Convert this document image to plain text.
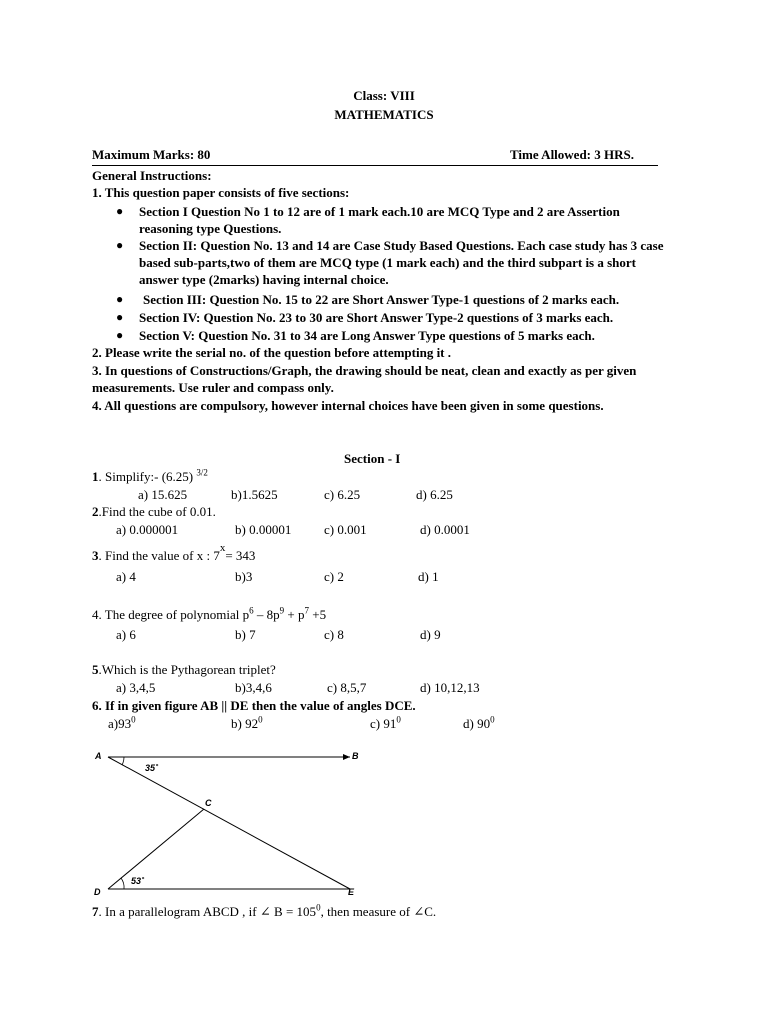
Class: VIII
MATHEMATICS
Maximum Marks: 80	Time Allowed: 3 HRS.
General Instructions:
1. This question paper consists of five sections:
● Section I Question No 1 to 12 are of 1 mark each.10 are MCQ Type and 2 are Assertion reasoning type Questions.
● Section II: Question No. 13 and 14 are Case Study Based Questions. Each case study has 3 case based sub-parts,two of them are MCQ type (1 mark each) and the third subpart is a short answer type (2marks) having internal choice.
● Section III: Question No. 15 to 22 are Short Answer Type-1 questions of 2 marks each.
● Section IV: Question No. 23 to 30 are Short Answer Type-2 questions of 3 marks each.
● Section V: Question No. 31 to 34 are Long Answer Type questions of 5 marks each.
2. Please write the serial no. of the question before attempting it .
3. In questions of Constructions/Graph, the drawing should be neat, clean and exactly as per given measurements. Use ruler and compass only.
4. All questions are compulsory, however internal choices have been given in some questions.
Section - I
1. Simplify:- (6.25) $^{3/2}$
a) 15.625	b)1.5625	c) 6.25	d) 6.25
2.Find the cube of 0.01.
a) 0.000001	b) 0.00001	c) 0.001	d) 0.0001
3. Find the value of x : $7^x= 343$
a) 4	b)3	c) 2	d) 1
4. The degree of polynomial $p^6 - 8p^9 + p^7 +5$
a) 6	b) 7	c) 8	d) 9
5.Which is the Pythagorean triplet?
a) 3,4,5	b)3,4,6	c) 8,5,7	d) 10,12,13
6. If in given figure AB || DE then the value of angles DCE.
$a)93^0$	b) $92^0$	c) $91^0$	d) $90^0$
A	B
C
D	E
35˚
53˚
7. In a parallelogram ABCD , if ∠ $B = 105^0$, then measure of ∠C.
